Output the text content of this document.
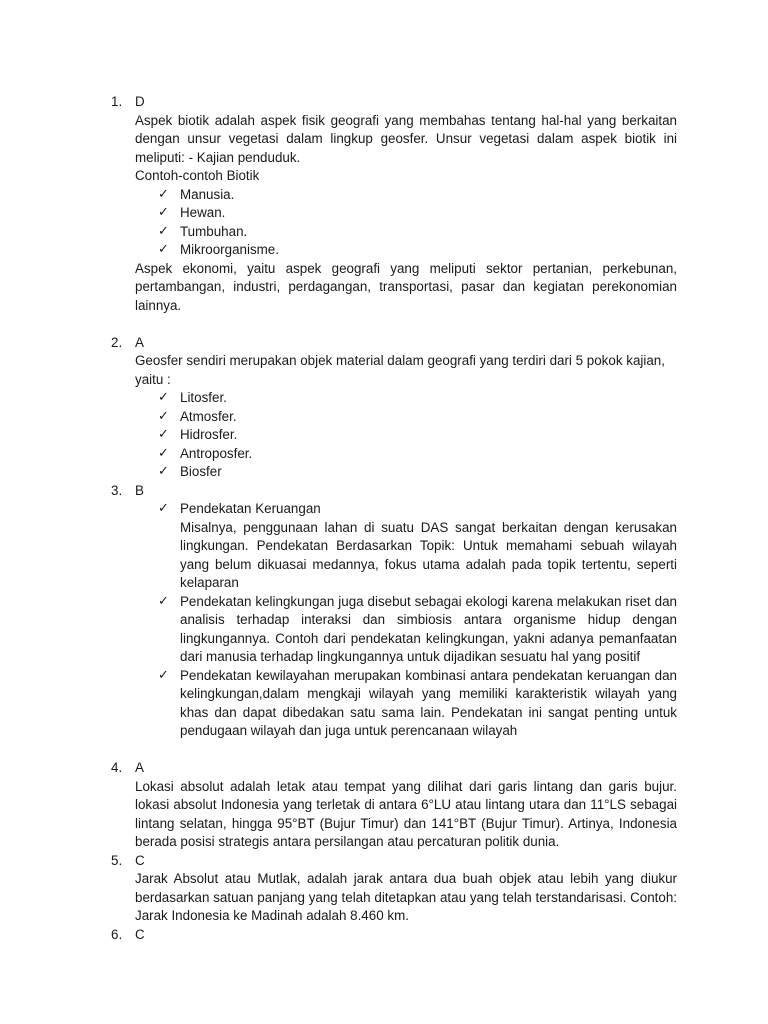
1. D

Aspek biotik adalah aspek fisik geografi yang membahas tentang hal-hal yang berkaitan dengan unsur vegetasi dalam lingkup geosfer. Unsur vegetasi dalam aspek biotik ini meliputi: - Kajian penduduk.

Contoh-contoh Biotik

✓ Manusia.
✓ Hewan.
✓ Tumbuhan.
✓ Mikroorganisme.

Aspek ekonomi, yaitu aspek geografi yang meliputi sektor pertanian, perkebunan, pertambangan, industri, perdagangan, transportasi, pasar dan kegiatan perekonomian lainnya.

2. A

Geosfer sendiri merupakan objek material dalam geografi yang terdiri dari 5 pokok kajian, yaitu :

✓ Litosfer.
✓ Atmosfer.
✓ Hidrosfer.
✓ Antroposfer.
✓ Biosfer
3. B

✓ Pendekatan Keruangan

Misalnya, penggunaan lahan di suatu DAS sangat berkaitan dengan kerusakan lingkungan. Pendekatan Berdasarkan Topik: Untuk memahami sebuah wilayah yang belum dikuasai medannya, fokus utama adalah pada topik tertentu, seperti kelaparan

✓ Pendekatan kelingkungan juga disebut sebagai ekologi karena melakukan riset dan analisis terhadap interaksi dan simbiosis antara organisme hidup dengan lingkungannya. Contoh dari pendekatan kelingkungan, yakni adanya pemanfaatan dari manusia terhadap lingkungannya untuk dijadikan sesuatu hal yang positif

✓ Pendekatan kewilayahan merupakan kombinasi antara pendekatan keruangan dan kelingkungan,dalam mengkaji wilayah yang memiliki karakteristik wilayah yang khas dan dapat dibedakan satu sama lain. Pendekatan ini sangat penting untuk pendugaan wilayah dan juga untuk perencanaan wilayah

4. A

Lokasi absolut adalah letak atau tempat yang dilihat dari garis lintang dan garis bujur. lokasi absolut Indonesia yang terletak di antara 6°LU atau lintang utara dan 11°LS sebagai lintang selatan, hingga 95°BT (Bujur Timur) dan 141°BT (Bujur Timur). Artinya, Indonesia berada posisi strategis antara persilangan atau percaturan politik dunia.

5. C

Jarak Absolut atau Mutlak, adalah jarak antara dua buah objek atau lebih yang diukur berdasarkan satuan panjang yang telah ditetapkan atau yang telah terstandarisasi. Contoh: Jarak Indonesia ke Madinah adalah 8.460 km.

6. C
